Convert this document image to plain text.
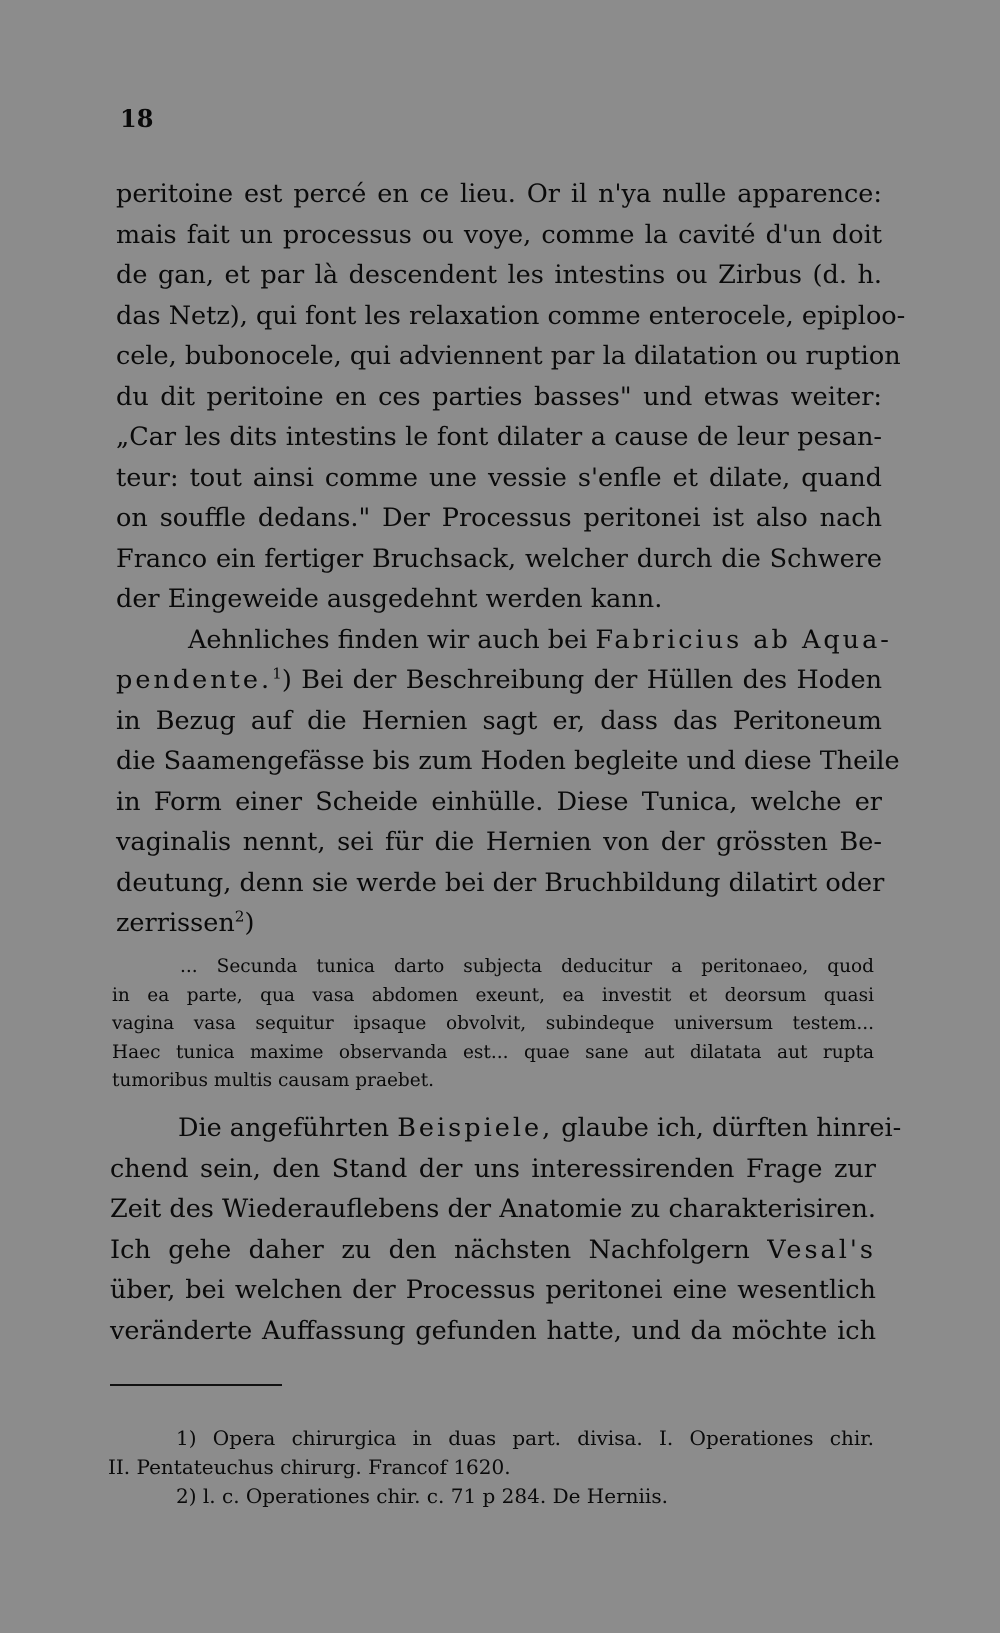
18
peritoine est percé en ce lieu. Or il n'ya nulle apparence:
mais fait un processus ou voye, comme la cavité d'un doit
de gan, et par là descendent les intestins ou Zirbus (d. h.
das Netz), qui font les relaxation comme enterocele, epiploo-
cele, bubonocele, qui adviennent par la dilatation ou ruption
du dit peritoine en ces parties basses" und etwas weiter:
„Car les dits intestins le font dilater a cause de leur pesan-
teur: tout ainsi comme une vessie s'enfle et dilate, quand
on souffle dedans." Der Processus peritonei ist also nach
Franco ein fertiger Bruchsack, welcher durch die Schwere
der Eingeweide ausgedehnt werden kann.
Aehnliches finden wir auch bei Fabricius ab Aqua-
pendente.$^1$) Bei der Beschreibung der Hüllen des Hoden
in Bezug auf die Hernien sagt er, dass das Peritoneum
die Saamengefässe bis zum Hoden begleite und diese Theile
in Form einer Scheide einhülle. Diese Tunica, welche er
vaginalis nennt, sei für die Hernien von der grössten Be-
deutung, denn sie werde bei der Bruchbildung dilatirt oder
zerrissen$^2$)
... Secunda tunica darto subjecta deducitur a peritonaeo, quod
in ea parte, qua vasa abdomen exeunt, ea investit et deorsum quasi
vagina vasa sequitur ipsaque obvolvit, subindeque universum testem...
Haec tunica maxime observanda est... quae sane aut dilatata aut rupta
tumoribus multis causam praebet.
Die angeführten Beispiele, glaube ich, dürften hinrei-
chend sein, den Stand der uns interessirenden Frage zur
Zeit des Wiederauflebens der Anatomie zu charakterisiren.
Ich gehe daher zu den nächsten Nachfolgern Vesal's
über, bei welchen der Processus peritonei eine wesentlich
veränderte Auffassung gefunden hatte, und da möchte ich
1) Opera chirurgica in duas part. divisa. I. Operationes chir.
II. Pentateuchus chirurg. Francof 1620.
2) l. c. Operationes chir. c. 71 p 284. De Herniis.
